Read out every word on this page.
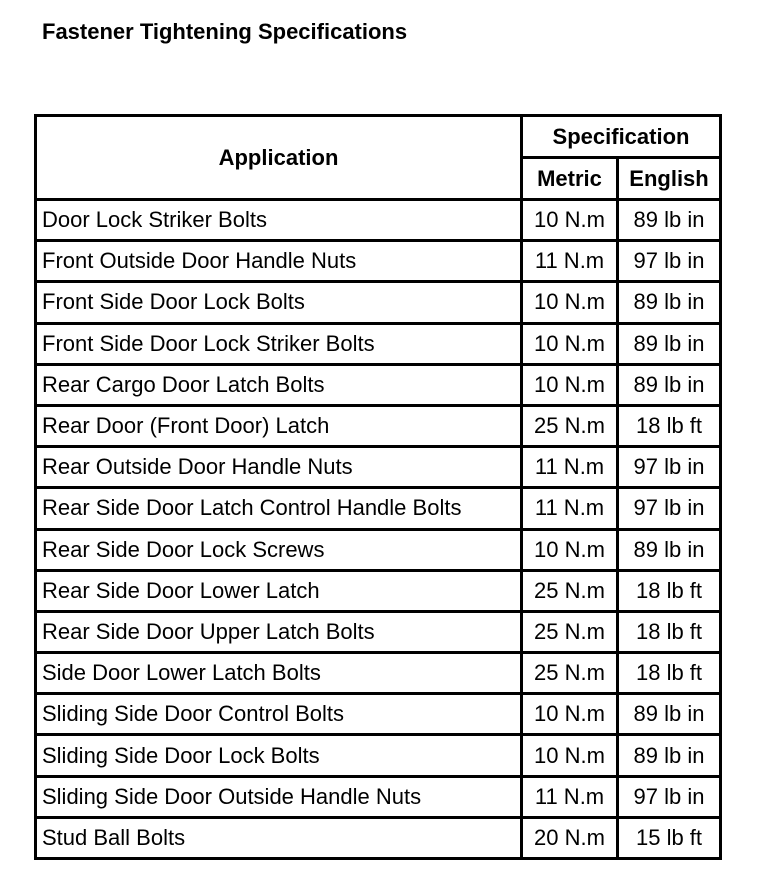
Fastener Tightening Specifications
Application	Specification	
	Metric	English
Door Lock Striker Bolts	10 N.m	89 lb in
Front Outside Door Handle Nuts	11 N.m	97 lb in
Front Side Door Lock Bolts	10 N.m	89 lb in
Front Side Door Lock Striker Bolts	10 N.m	89 lb in
Rear Cargo Door Latch Bolts	10 N.m	89 lb in
Rear Door (Front Door) Latch	25 N.m	18 lb ft
Rear Outside Door Handle Nuts	11 N.m	97 lb in
Rear Side Door Latch Control Handle Bolts	11 N.m	97 lb in
Rear Side Door Lock Screws	10 N.m	89 lb in
Rear Side Door Lower Latch	25 N.m	18 lb ft
Rear Side Door Upper Latch Bolts	25 N.m	18 lb ft
Side Door Lower Latch Bolts	25 N.m	18 lb ft
Sliding Side Door Control Bolts	10 N.m	89 lb in
Sliding Side Door Lock Bolts	10 N.m	89 lb in
Sliding Side Door Outside Handle Nuts	11 N.m	97 lb in
Stud Ball Bolts	20 N.m	15 lb ft
